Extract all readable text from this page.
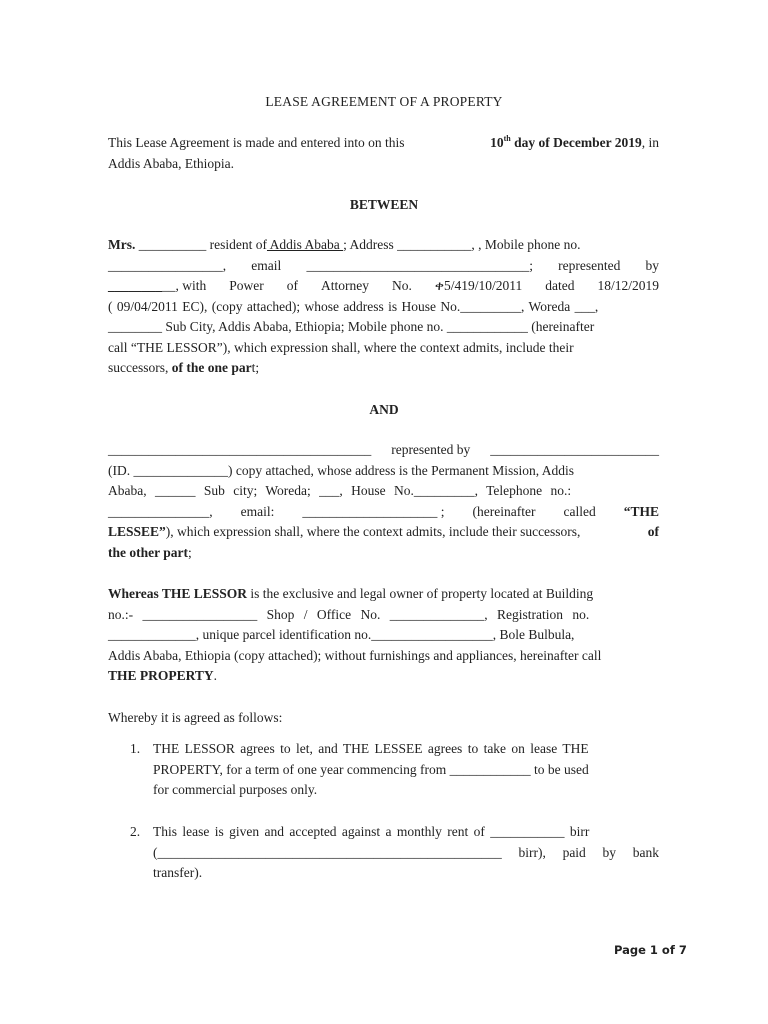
LEASE AGREEMENT OF A PROPERTY
This Lease Agreement is made and entered into on this	10th day of December 2019, in
Addis Ababa, Ethiopia.
BETWEEN
Mrs. __________ resident of Addis Ababa ; Address ___________, , Mobile phone no.
_________________, email _________________________________; represented by
__________, with Power of Attorney No. ቀ5/419/10/2011 dated 18/12/2019
( 09/04/2011 EC), (copy attached); whose address is House No._________, Woreda ___,
________ Sub City, Addis Ababa, Ethiopia; Mobile phone no. ____________ (hereinafter
call “THE LESSOR”), which expression shall, where the context admits, include their
successors, of the one part;
AND
_______________________________________ represented by _________________________
(ID. ______________) copy attached, whose address is the Permanent Mission, Addis
Ababa, ______ Sub city; Woreda; ___, House No._________, Telephone no.:
_______________, email: ____________________ ; (hereinafter called “THE
LESSEE”), which expression shall, where the context admits, include their successors,	of
the other part;
Whereas THE LESSOR is the exclusive and legal owner of property located at Building
no.:- _________________ Shop / Office No. ______________, Registration no.
_____________, unique parcel identification no.__________________, Bole Bulbula,
Addis Ababa, Ethiopia (copy attached); without furnishings and appliances, hereinafter call
THE PROPERTY.
Whereby it is agreed as follows:
1. THE LESSOR agrees to let, and THE LESSEE agrees to take on lease THE
PROPERTY, for a term of one year commencing from ____________ to be used
for commercial purposes only.
2. This lease is given and accepted against a monthly rent of ___________ birr
(___________________________________________________ birr), paid by bank
transfer).
Page 1 of 7
